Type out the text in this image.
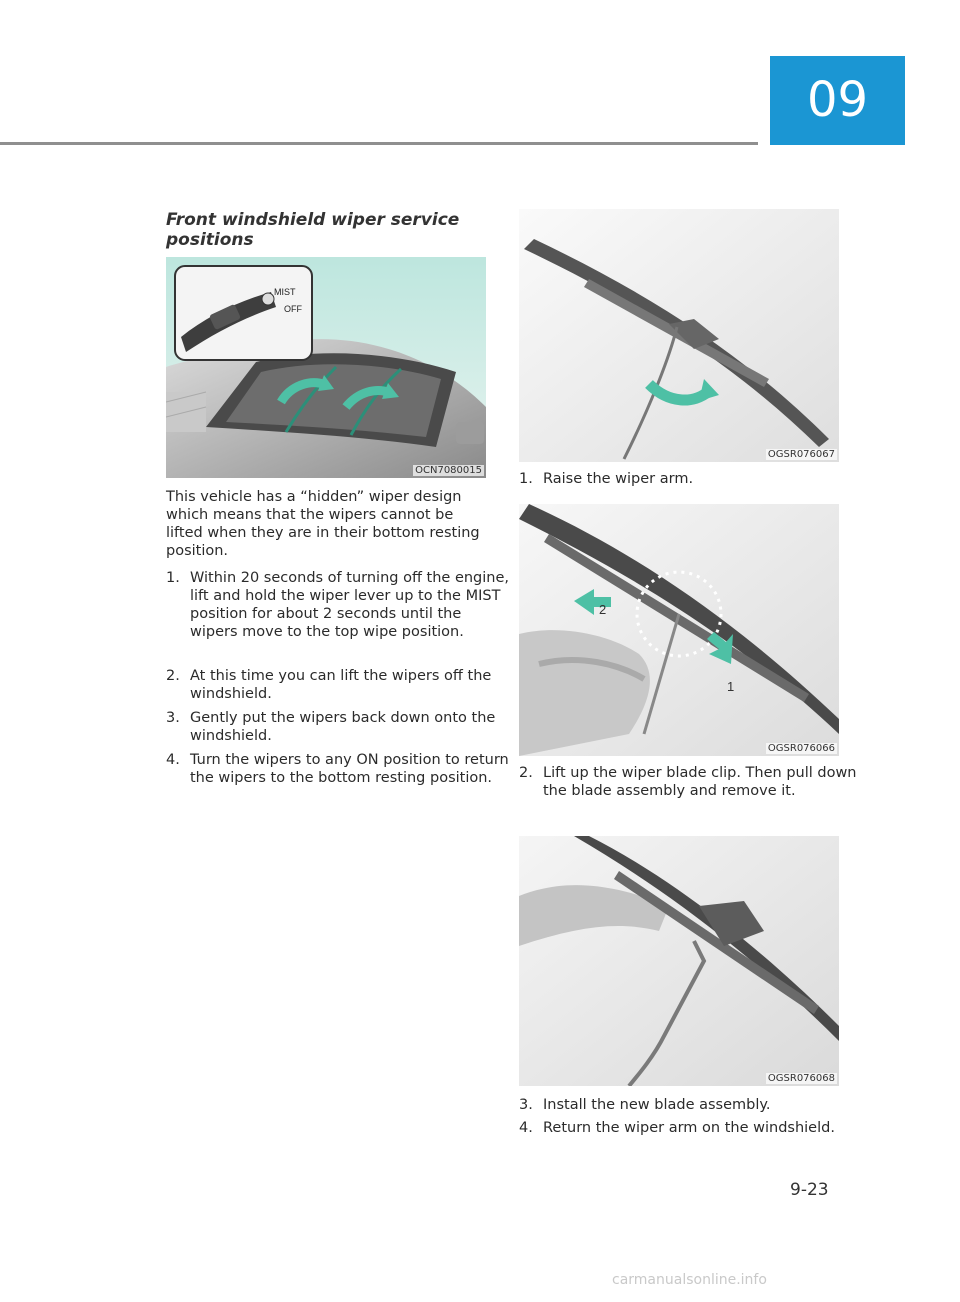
09
Front windshield wiper service positions
MIST
OFF
OCN7080015

This vehicle has a “hidden” wiper design which means that the wipers cannot be lifted when they are in their bottom resting position.

1. Within 20 seconds of turning off the engine, lift and hold the wiper lever up to the MIST position for about 2 seconds until the wipers move to the top wipe position.
2. At this time you can lift the wipers off the windshield.
3. Gently put the wipers back down onto the windshield.
4. Turn the wipers to any ON position to return the wipers to the bottom resting position.
OGSR076067
1. Raise the wiper arm.
2
1
OGSR076066
2. Lift up the wiper blade clip. Then pull down the blade assembly and remove it.
OGSR076068
3. Install the new blade assembly.
4. Return the wiper arm on the windshield.
9-23
carmanualsonline.info
